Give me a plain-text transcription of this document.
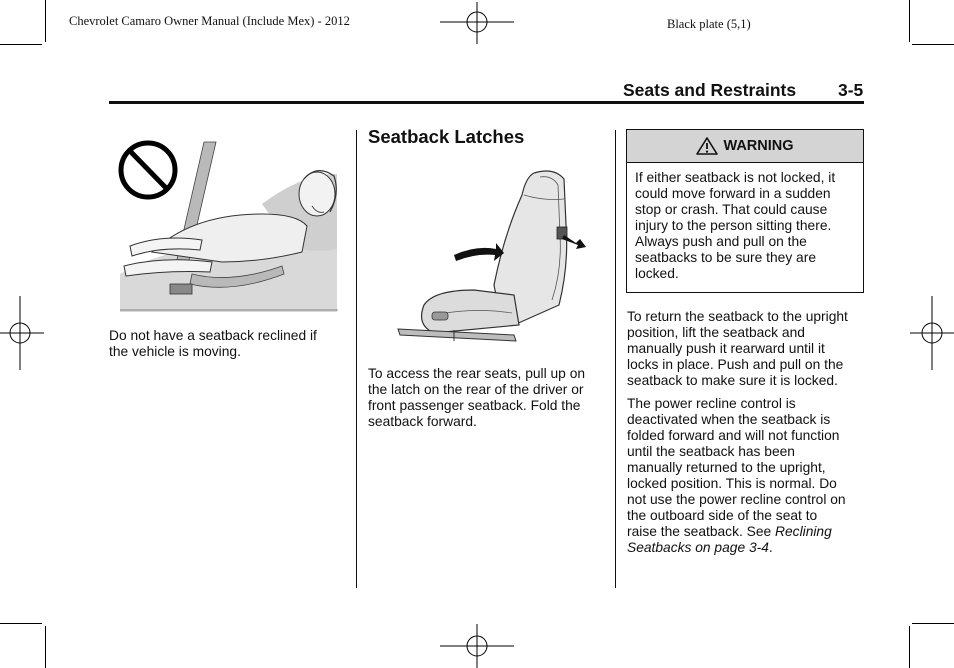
Chevrolet Camaro Owner Manual (Include Mex) - 2012	Black plate (5,1)
Seats and Restraints 3-5

Do not have a seatback reclined if

the vehicle is moving.

Seatback Latches

To access the rear seats, pull up on

the latch on the rear of the driver or

front passenger seatback. Fold the

seatback forward.

WARNING

If either seatback is not locked, it

could move forward in a sudden

stop or crash. That could cause

injury to the person sitting there.

Always push and pull on the

seatbacks to be sure they are

locked.

To return the seatback to the upright

position, lift the seatback and

manually push it rearward until it

locks in place. Push and pull on the

seatback to make sure it is locked.

The power recline control is

deactivated when the seatback is

folded forward and will not function

until the seatback has been

manually returned to the upright,

locked position. This is normal. Do

not use the power recline control on

the outboard side of the seat to

raise the seatback. See Reclining

Seatbacks on page 3-4.
